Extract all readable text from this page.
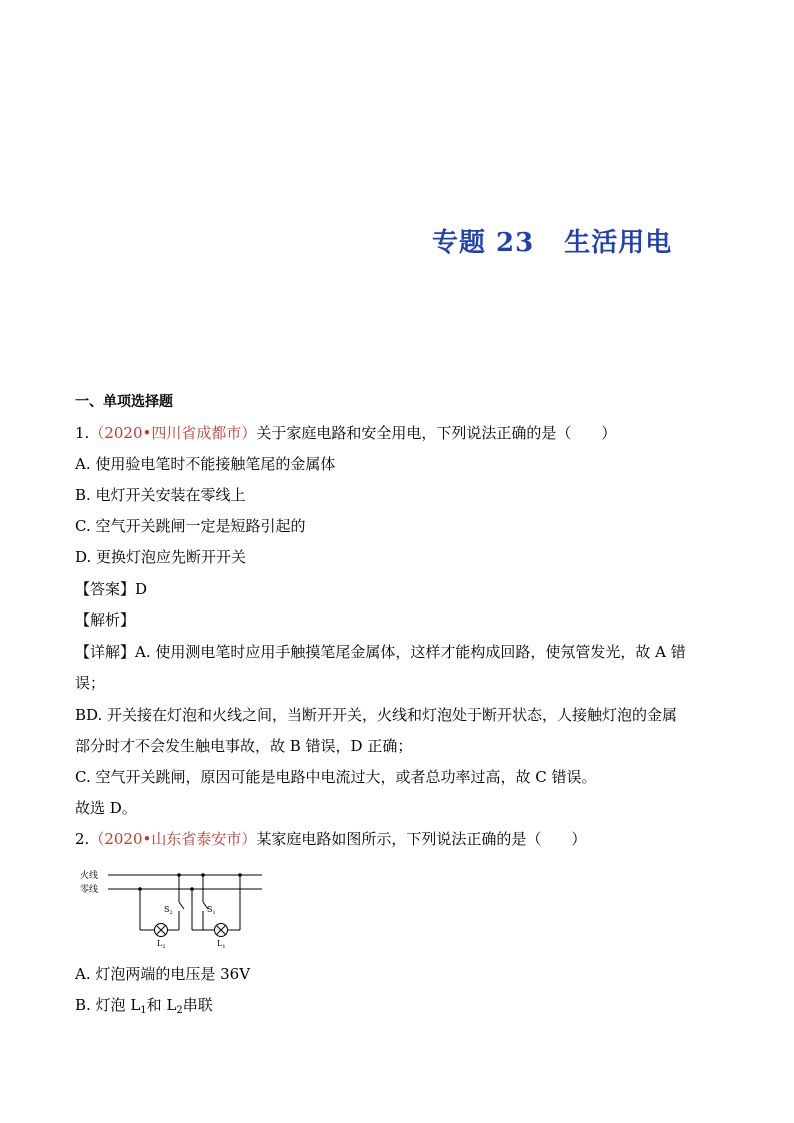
专题 23 生活用电
一、单项选择题
1.（2020•四川省成都市）关于家庭电路和安全用电，下列说法正确的是（　　）
A. 使用验电笔时不能接触笔尾的金属体
B. 电灯开关安装在零线上
C. 空气开关跳闸一定是短路引起的
D. 更换灯泡应先断开开关
【答案】D
【解析】
【详解】A. 使用测电笔时应用手触摸笔尾金属体，这样才能构成回路，使氖管发光，故 A 错
误；
BD. 开关接在灯泡和火线之间，当断开开关，火线和灯泡处于断开状态，人接触灯泡的金属
部分时才不会发生触电事故，故 B 错误，D 正确；
C. 空气开关跳闸，原因可能是电路中电流过大，或者总功率过高，故 C 错误。
故选 D。
2.（2020•山东省泰安市）某家庭电路如图所示，下列说法正确的是（　　）
火线
零线
$S_2$	$S_1$
$L_2$	$L_1$
A. 灯泡两端的电压是 36V
B. 灯泡 $L_1$和 $L_2$串联
